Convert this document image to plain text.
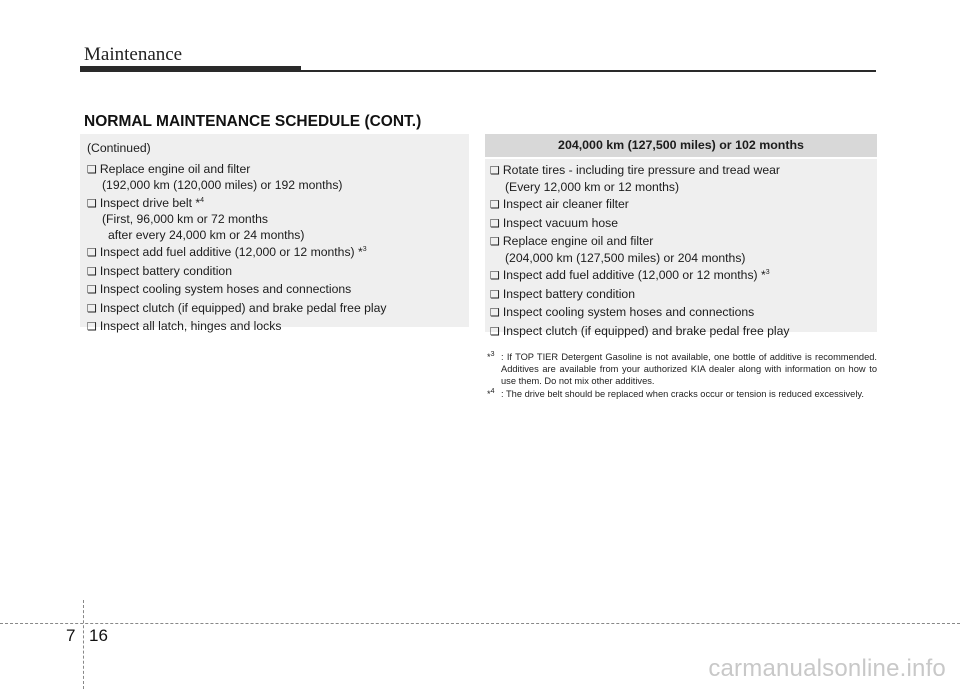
Maintenance
NORMAL MAINTENANCE SCHEDULE (CONT.)
(Continued)
❑ Replace engine oil and filter
(192,000 km (120,000 miles) or 192 months)
❑ Inspect drive belt *$^4$
(First, 96,000 km or 72 months
after every 24,000 km or 24 months)
❑ Inspect add fuel additive (12,000 or 12 months) *$^3$
❑ Inspect battery condition
❑ Inspect cooling system hoses and connections
❑ Inspect clutch (if equipped) and brake pedal free play
❑ Inspect all latch, hinges and locks
204,000 km (127,500 miles) or 102 months
❑ Rotate tires - including tire pressure and tread wear
(Every 12,000 km or 12 months)
❑ Inspect air cleaner filter
❑ Inspect vacuum hose
❑ Replace engine oil and filter
(204,000 km (127,500 miles) or 204 months)
❑ Inspect add fuel additive (12,000 or 12 months) *$^3$
❑ Inspect battery condition
❑ Inspect cooling system hoses and connections
❑ Inspect clutch (if equipped) and brake pedal free play
*$^3$ : If TOP TIER Detergent Gasoline is not available, one bottle of additive is recommended. Additives are available from your authorized KIA dealer along with information on how to use them. Do not mix other additives.
*$^4$ : The drive belt should be replaced when cracks occur or tension is reduced excessively.
7 16
carmanualsonline.info
